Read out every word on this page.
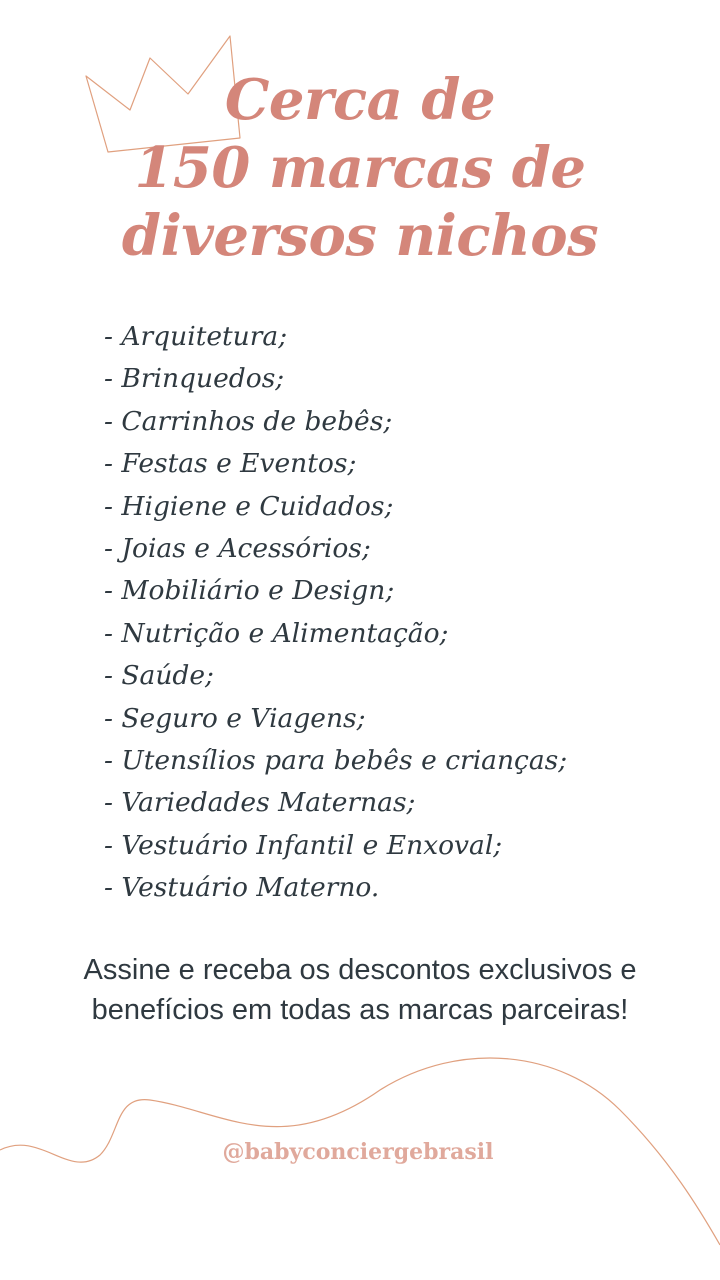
Cerca de
150 marcas de
diversos nichos
- Arquitetura;
- Brinquedos;
- Carrinhos de bebês;
- Festas e Eventos;
- Higiene e Cuidados;
- Joias e Acessórios;
- Mobiliário e Design;
- Nutrição e Alimentação;
- Saúde;
- Seguro e Viagens;
- Utensílios para bebês e crianças;
- Variedades Maternas;
- Vestuário Infantil e Enxoval;
- Vestuário Materno.
Assine e receba os descontos exclusivos e
benefícios em todas as marcas parceiras!
@babyconciergebrasil
